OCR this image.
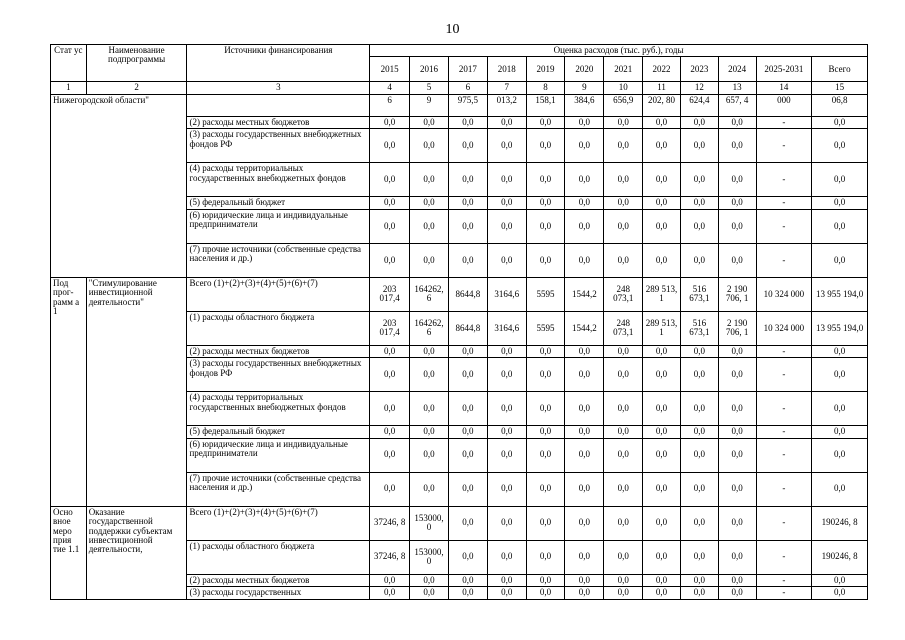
10
Стат ус	Наименование подпрограммы	Источники финансирования	Оценка расходов (тыс. руб.), годы											
			2015	2016	2017	2018	2019	2020	2021	2022	2023	2024	2025-2031	Всего
1	2	3	4	5	6	7	8	9	10	11	12	13	14	15
Нижегородской области"			6	9	975,5	013,2	158,1	384,6	656,9	202, 80	624,4	657, 4	000	06,8
		(2) расходы местных бюджетов	0,0	0,0	0,0	0,0	0,0	0,0	0,0	0,0	0,0	0,0	-	0,0
		(3) расходы государственных внебюджетных фондов РФ	0,0	0,0	0,0	0,0	0,0	0,0	0,0	0,0	0,0	0,0	-	0,0
		(4) расходы территориальных государственных внебюджетных фондов	0,0	0,0	0,0	0,0	0,0	0,0	0,0	0,0	0,0	0,0	-	0,0
		(5) федеральный бюджет	0,0	0,0	0,0	0,0	0,0	0,0	0,0	0,0	0,0	0,0	-	0,0
		(6) юридические лица и индивидуальные предприниматели	0,0	0,0	0,0	0,0	0,0	0,0	0,0	0,0	0,0	0,0	-	0,0
		(7) прочие источники (собственные средства населения и др.)	0,0	0,0	0,0	0,0	0,0	0,0	0,0	0,0	0,0	0,0	-	0,0
Под прог-рамм а 1	"Стимулирование инвестиционной деятельности"	Всего (1)+(2)+(3)+(4)+(5)+(6)+(7)	203 017,4	164262, 6	8644,8	3164,6	5595	1544,2	248 073,1	289 513, 1	516 673,1	2 190 706, 1	10 324 000	13 955 194,0
		(1) расходы областного бюджета	203 017,4	164262, 6	8644,8	3164,6	5595	1544,2	248 073,1	289 513, 1	516 673,1	2 190 706, 1	10 324 000	13 955 194,0
		(2) расходы местных бюджетов	0,0	0,0	0,0	0,0	0,0	0,0	0,0	0,0	0,0	0,0	-	0,0
		(3) расходы государственных внебюджетных фондов РФ	0,0	0,0	0,0	0,0	0,0	0,0	0,0	0,0	0,0	0,0	-	0,0
		(4) расходы территориальных государственных внебюджетных фондов	0,0	0,0	0,0	0,0	0,0	0,0	0,0	0,0	0,0	0,0	-	0,0
		(5) федеральный бюджет	0,0	0,0	0,0	0,0	0,0	0,0	0,0	0,0	0,0	0,0	-	0,0
		(6) юридические лица и индивидуальные предприниматели	0,0	0,0	0,0	0,0	0,0	0,0	0,0	0,0	0,0	0,0	-	0,0
		(7) прочие источники (собственные средства населения и др.)	0,0	0,0	0,0	0,0	0,0	0,0	0,0	0,0	0,0	0,0	-	0,0
Осно вное меро прия тие 1.1	Оказание государственной поддержки субъектам инвестиционной деятельности,	Всего (1)+(2)+(3)+(4)+(5)+(6)+(7)	37246, 8	153000, 0	0,0	0,0	0,0	0,0	0,0	0,0	0,0	0,0	-	190246, 8
		(1) расходы областного бюджета	37246, 8	153000, 0	0,0	0,0	0,0	0,0	0,0	0,0	0,0	0,0	-	190246, 8
		(2) расходы местных бюджетов	0,0	0,0	0,0	0,0	0,0	0,0	0,0	0,0	0,0	0,0	-	0,0
		(3) расходы государственных	0,0	0,0	0,0	0,0	0,0	0,0	0,0	0,0	0,0	0,0	-	0,0
